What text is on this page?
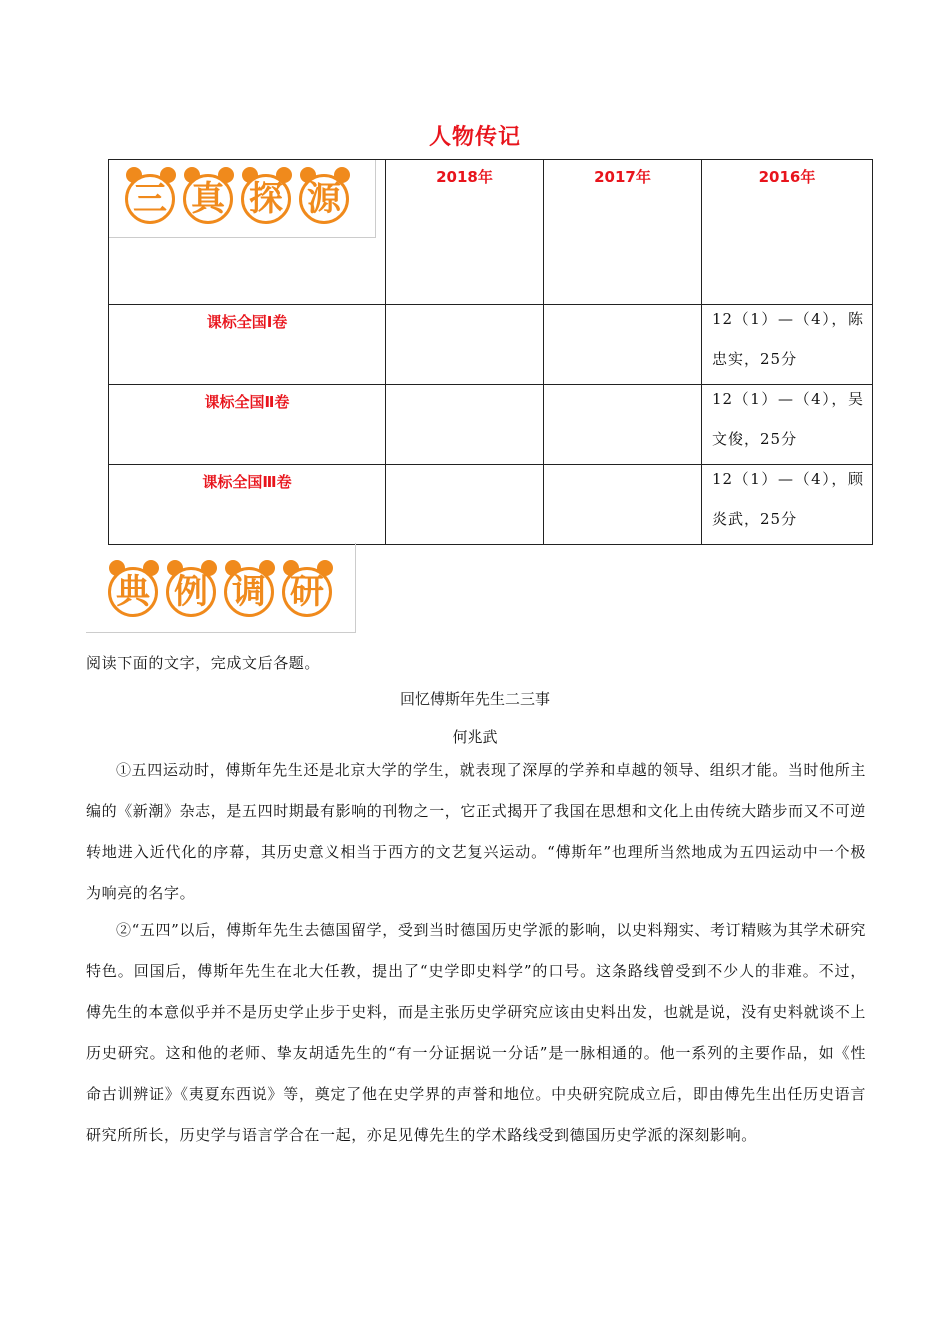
人物传记
三 真 探 源	2018年	2017年	2016年
课标全国Ⅰ卷			12（1）—（4），陈忠实，25分

课标全国Ⅱ卷			12（1）—（4），吴文俊，25分

课标全国Ⅲ卷			12（1）—（4），顾炎武，25分
典 例 调 研
阅读下面的文字，完成文后各题。
回忆傅斯年先生二三事
何兆武

①五四运动时，傅斯年先生还是北京大学的学生，就表现了深厚的学养和卓越的领导、组织才能。当时他所主编的《新潮》杂志，是五四时期最有影响的刊物之一，它正式揭开了我国在思想和文化上由传统大踏步而又不可逆转地进入近代化的序幕，其历史意义相当于西方的文艺复兴运动。“傅斯年”也理所当然地成为五四运动中一个极为响亮的名字。

②“五四”以后，傅斯年先生去德国留学，受到当时德国历史学派的影响，以史料翔实、考订精赅为其学术研究特色。回国后，傅斯年先生在北大任教，提出了“史学即史料学”的口号。这条路线曾受到不少人的非难。不过，傅先生的本意似乎并不是历史学止步于史料，而是主张历史学研究应该由史料出发，也就是说，没有史料就谈不上历史研究。这和他的老师、挚友胡适先生的“有一分证据说一分话”是一脉相通的。他一系列的主要作品，如《性命古训辨证》《夷夏东西说》等，奠定了他在史学界的声誉和地位。中央研究院成立后，即由傅先生出任历史语言研究所所长，历史学与语言学合在一起，亦足见傅先生的学术路线受到德国历史学派的深刻影响。
